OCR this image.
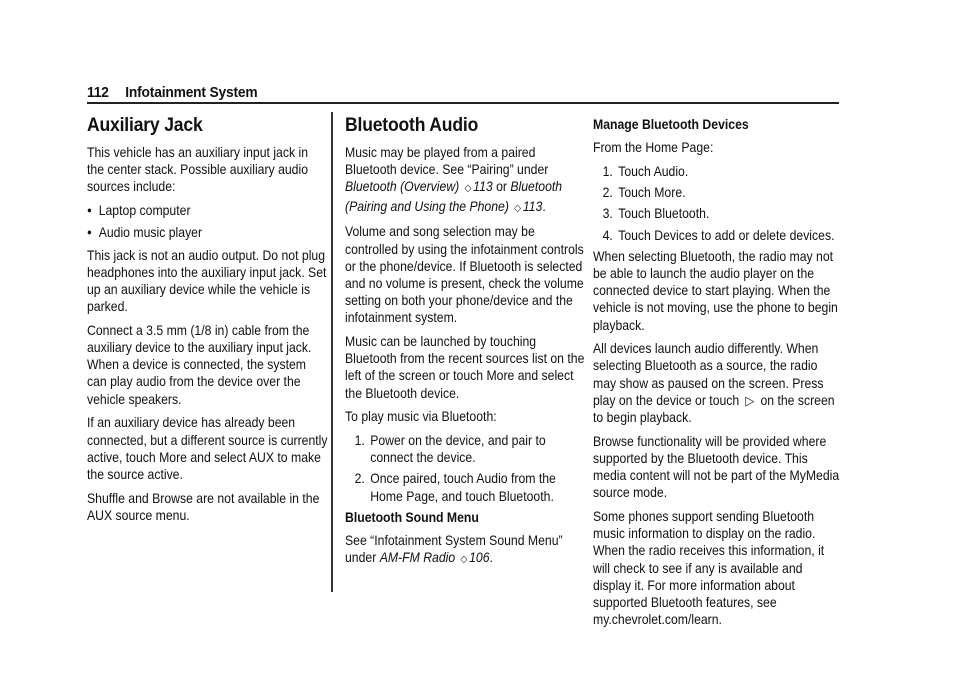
112 Infotainment System
Auxiliary Jack

This vehicle has an auxiliary input jack in the center stack. Possible auxiliary audio sources include:

● Laptop computer
● Audio music player

This jack is not an audio output. Do not plug headphones into the auxiliary input jack. Set up an auxiliary device while the vehicle is parked.

Connect a 3.5 mm (1/8 in) cable from the auxiliary device to the auxiliary input jack. When a device is connected, the system can play audio from the device over the vehicle speakers.

If an auxiliary device has already been connected, but a different source is currently active, touch More and select AUX to make the source active.

Shuffle and Browse are not available in the AUX source menu.

Bluetooth Audio

Music may be played from a paired Bluetooth device. See “Pairing” under Bluetooth (Overview) ◇ 113 or Bluetooth (Pairing and Using the Phone) ◇ 113.

Volume and song selection may be controlled by using the infotainment controls or the phone/device. If Bluetooth is selected and no volume is present, check the volume setting on both your phone/device and the infotainment system.

Music can be launched by touching Bluetooth from the recent sources list on the left of the screen or touch More and select the Bluetooth device.

To play music via Bluetooth:

1. Power on the device, and pair to connect the device.
2. Once paired, touch Audio from the Home Page, and touch Bluetooth.

Bluetooth Sound Menu

See “Infotainment System Sound Menu” under AM-FM Radio ◇ 106.

Manage Bluetooth Devices

From the Home Page:

1. Touch Audio.
2. Touch More.
3. Touch Bluetooth.
4. Touch Devices to add or delete devices.

When selecting Bluetooth, the radio may not be able to launch the audio player on the connected device to start playing. When the vehicle is not moving, use the phone to begin playback.

All devices launch audio differently. When selecting Bluetooth as a source, the radio may show as paused on the screen. Press play on the device or touch ▷ on the screen to begin playback.

Browse functionality will be provided where supported by the Bluetooth device. This media content will not be part of the MyMedia source mode.

Some phones support sending Bluetooth music information to display on the radio. When the radio receives this information, it will check to see if any is available and display it. For more information about supported Bluetooth features, see my.chevrolet.com/learn.
